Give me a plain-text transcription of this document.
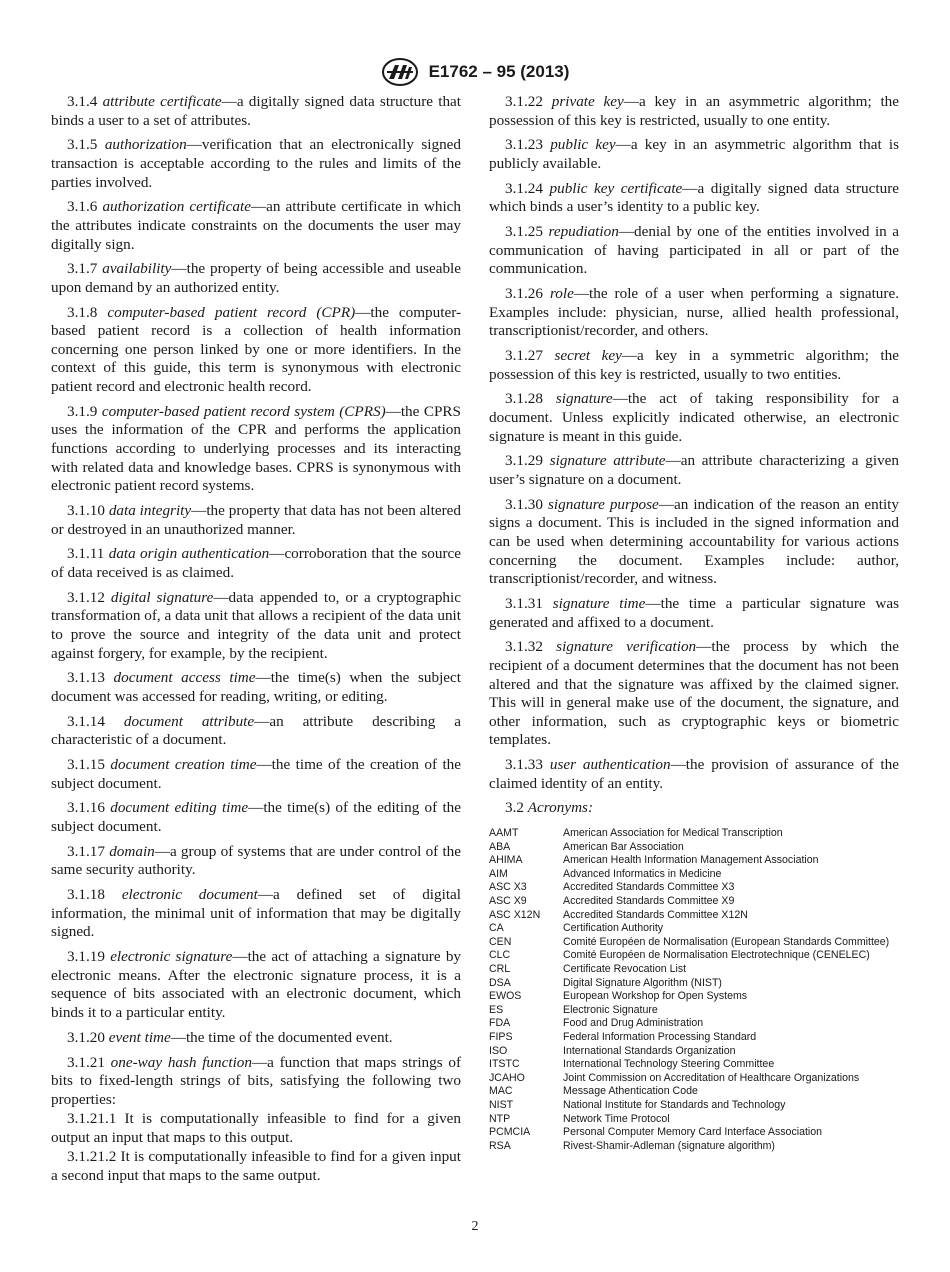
E1762 – 95 (2013)

3.1.4 attribute certificate—a digitally signed data structure that binds a user to a set of attributes.

3.1.5 authorization—verification that an electronically signed transaction is acceptable according to the rules and limits of the parties involved.

3.1.6 authorization certificate—an attribute certificate in which the attributes indicate constraints on the documents the user may digitally sign.

3.1.7 availability—the property of being accessible and useable upon demand by an authorized entity.

3.1.8 computer-based patient record (CPR)—the computer-based patient record is a collection of health information concerning one person linked by one or more identifiers. In the context of this guide, this term is synonymous with electronic patient record and electronic health record.

3.1.9 computer-based patient record system (CPRS)—the CPRS uses the information of the CPR and performs the application functions according to underlying processes and its interacting with related data and knowledge bases. CPRS is synonymous with electronic patient record systems.

3.1.10 data integrity—the property that data has not been altered or destroyed in an unauthorized manner.

3.1.11 data origin authentication—corroboration that the source of data received is as claimed.

3.1.12 digital signature—data appended to, or a cryptographic transformation of, a data unit that allows a recipient of the data unit to prove the source and integrity of the data unit and protect against forgery, for example, by the recipient.

3.1.13 document access time—the time(s) when the subject document was accessed for reading, writing, or editing.

3.1.14 document attribute—an attribute describing a characteristic of a document.

3.1.15 document creation time—the time of the creation of the subject document.

3.1.16 document editing time—the time(s) of the editing of the subject document.

3.1.17 domain—a group of systems that are under control of the same security authority.

3.1.18 electronic document—a defined set of digital information, the minimal unit of information that may be digitally signed.

3.1.19 electronic signature—the act of attaching a signature by electronic means. After the electronic signature process, it is a sequence of bits associated with an electronic document, which binds it to a particular entity.

3.1.20 event time—the time of the documented event.

3.1.21 one-way hash function—a function that maps strings of bits to fixed-length strings of bits, satisfying the following two properties:

3.1.21.1 It is computationally infeasible to find for a given output an input that maps to this output.

3.1.21.2 It is computationally infeasible to find for a given input a second input that maps to the same output.

3.1.22 private key—a key in an asymmetric algorithm; the possession of this key is restricted, usually to one entity.

3.1.23 public key—a key in an asymmetric algorithm that is publicly available.

3.1.24 public key certificate—a digitally signed data structure which binds a user’s identity to a public key.

3.1.25 repudiation—denial by one of the entities involved in a communication of having participated in all or part of the communication.

3.1.26 role—the role of a user when performing a signature. Examples include: physician, nurse, allied health professional, transcriptionist/recorder, and others.

3.1.27 secret key—a key in a symmetric algorithm; the possession of this key is restricted, usually to two entities.

3.1.28 signature—the act of taking responsibility for a document. Unless explicitly indicated otherwise, an electronic signature is meant in this guide.

3.1.29 signature attribute—an attribute characterizing a given user’s signature on a document.

3.1.30 signature purpose—an indication of the reason an entity signs a document. This is included in the signed information and can be used when determining accountability for various actions concerning the document. Examples include: author, transcriptionist/recorder, and witness.

3.1.31 signature time—the time a particular signature was generated and affixed to a document.

3.1.32 signature verification—the process by which the recipient of a document determines that the document has not been altered and that the signature was affixed by the claimed signer. This will in general make use of the document, the signature, and other information, such as cryptographic keys or biometric templates.

3.1.33 user authentication—the provision of assurance of the claimed identity of an entity.

3.2 Acronyms:

AAMT	American Association for Medical Transcription
ABA	American Bar Association
AHIMA	American Health Information Management Association
AIM	Advanced Informatics in Medicine
ASC X3	Accredited Standards Committee X3
ASC X9	Accredited Standards Committee X9
ASC X12N	Accredited Standards Committee X12N
CA	Certification Authority
CEN	Comité Européen de Normalisation (European Standards Committee)
CLC	Comité Européen de Normalisation Electrotechnique (CENELEC)
CRL	Certificate Revocation List
DSA	Digital Signature Algorithm (NIST)
EWOS	European Workshop for Open Systems
ES	Electronic Signature
FDA	Food and Drug Administration
FIPS	Federal Information Processing Standard
ISO	International Standards Organization
ITSTC	International Technology Steering Committee
JCAHO	Joint Commission on Accreditation of Healthcare Organizations
MAC	Message Athentication Code
NIST	National Institute for Standards and Technology
NTP	Network Time Protocol
PCMCIA	Personal Computer Memory Card Interface Association
RSA	Rivest-Shamir-Adleman (signature algorithm)
2
